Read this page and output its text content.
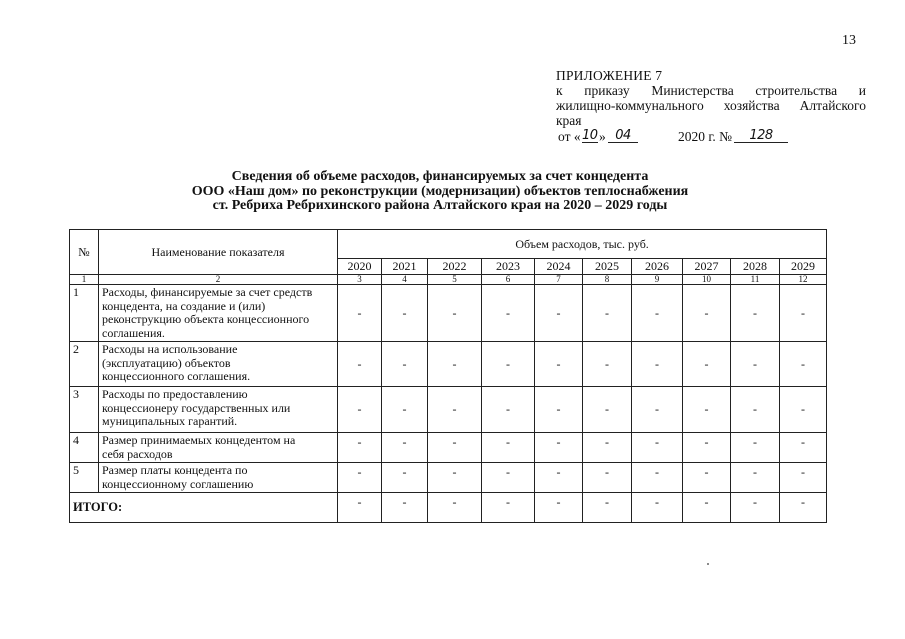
13
ПРИЛОЖЕНИЕ 7
к приказу Министерства строительства и
жилищно-коммунального хозяйства Алтайского
края
от « 10 » 04	2020 г. №	128
Сведения об объеме расходов, финансируемых за счет концедента
ООО «Наш дом» по реконструкции (модернизации) объектов теплоснабжения
ст. Ребриха Ребрихинского района Алтайского края на 2020 – 2029 годы
№	Наименование показателя	Объем расходов, тыс. руб.									
		2020	2021	2022	2023	2024	2025	2026	2027	2028	2029
1	2	3	4	5	6	7	8	9	10	11	12
1	Расходы, финансируемые за счет средств
концедента, на создание и (или)
реконструкцию объекта концессионного
соглашения.	-	-	-	-	-	-	-	-	-	-
2	Расходы на использование
(эксплуатацию) объектов
концессионного соглашения.	-	-	-	-	-	-	-	-	-	-
3	Расходы по предоставлению
концессионеру государственных или
муниципальных гарантий.	-	-	-	-	-	-	-	-	-	-
4	Размер принимаемых концедентом на
себя расходов	-	-	-	-	-	-	-	-	-	-
5	Размер платы концедента по
концессионному соглашению	-	-	-	-	-	-	-	-	-	-
ИТОГО:		-	-	-	-	-	-	-	-	-	-
